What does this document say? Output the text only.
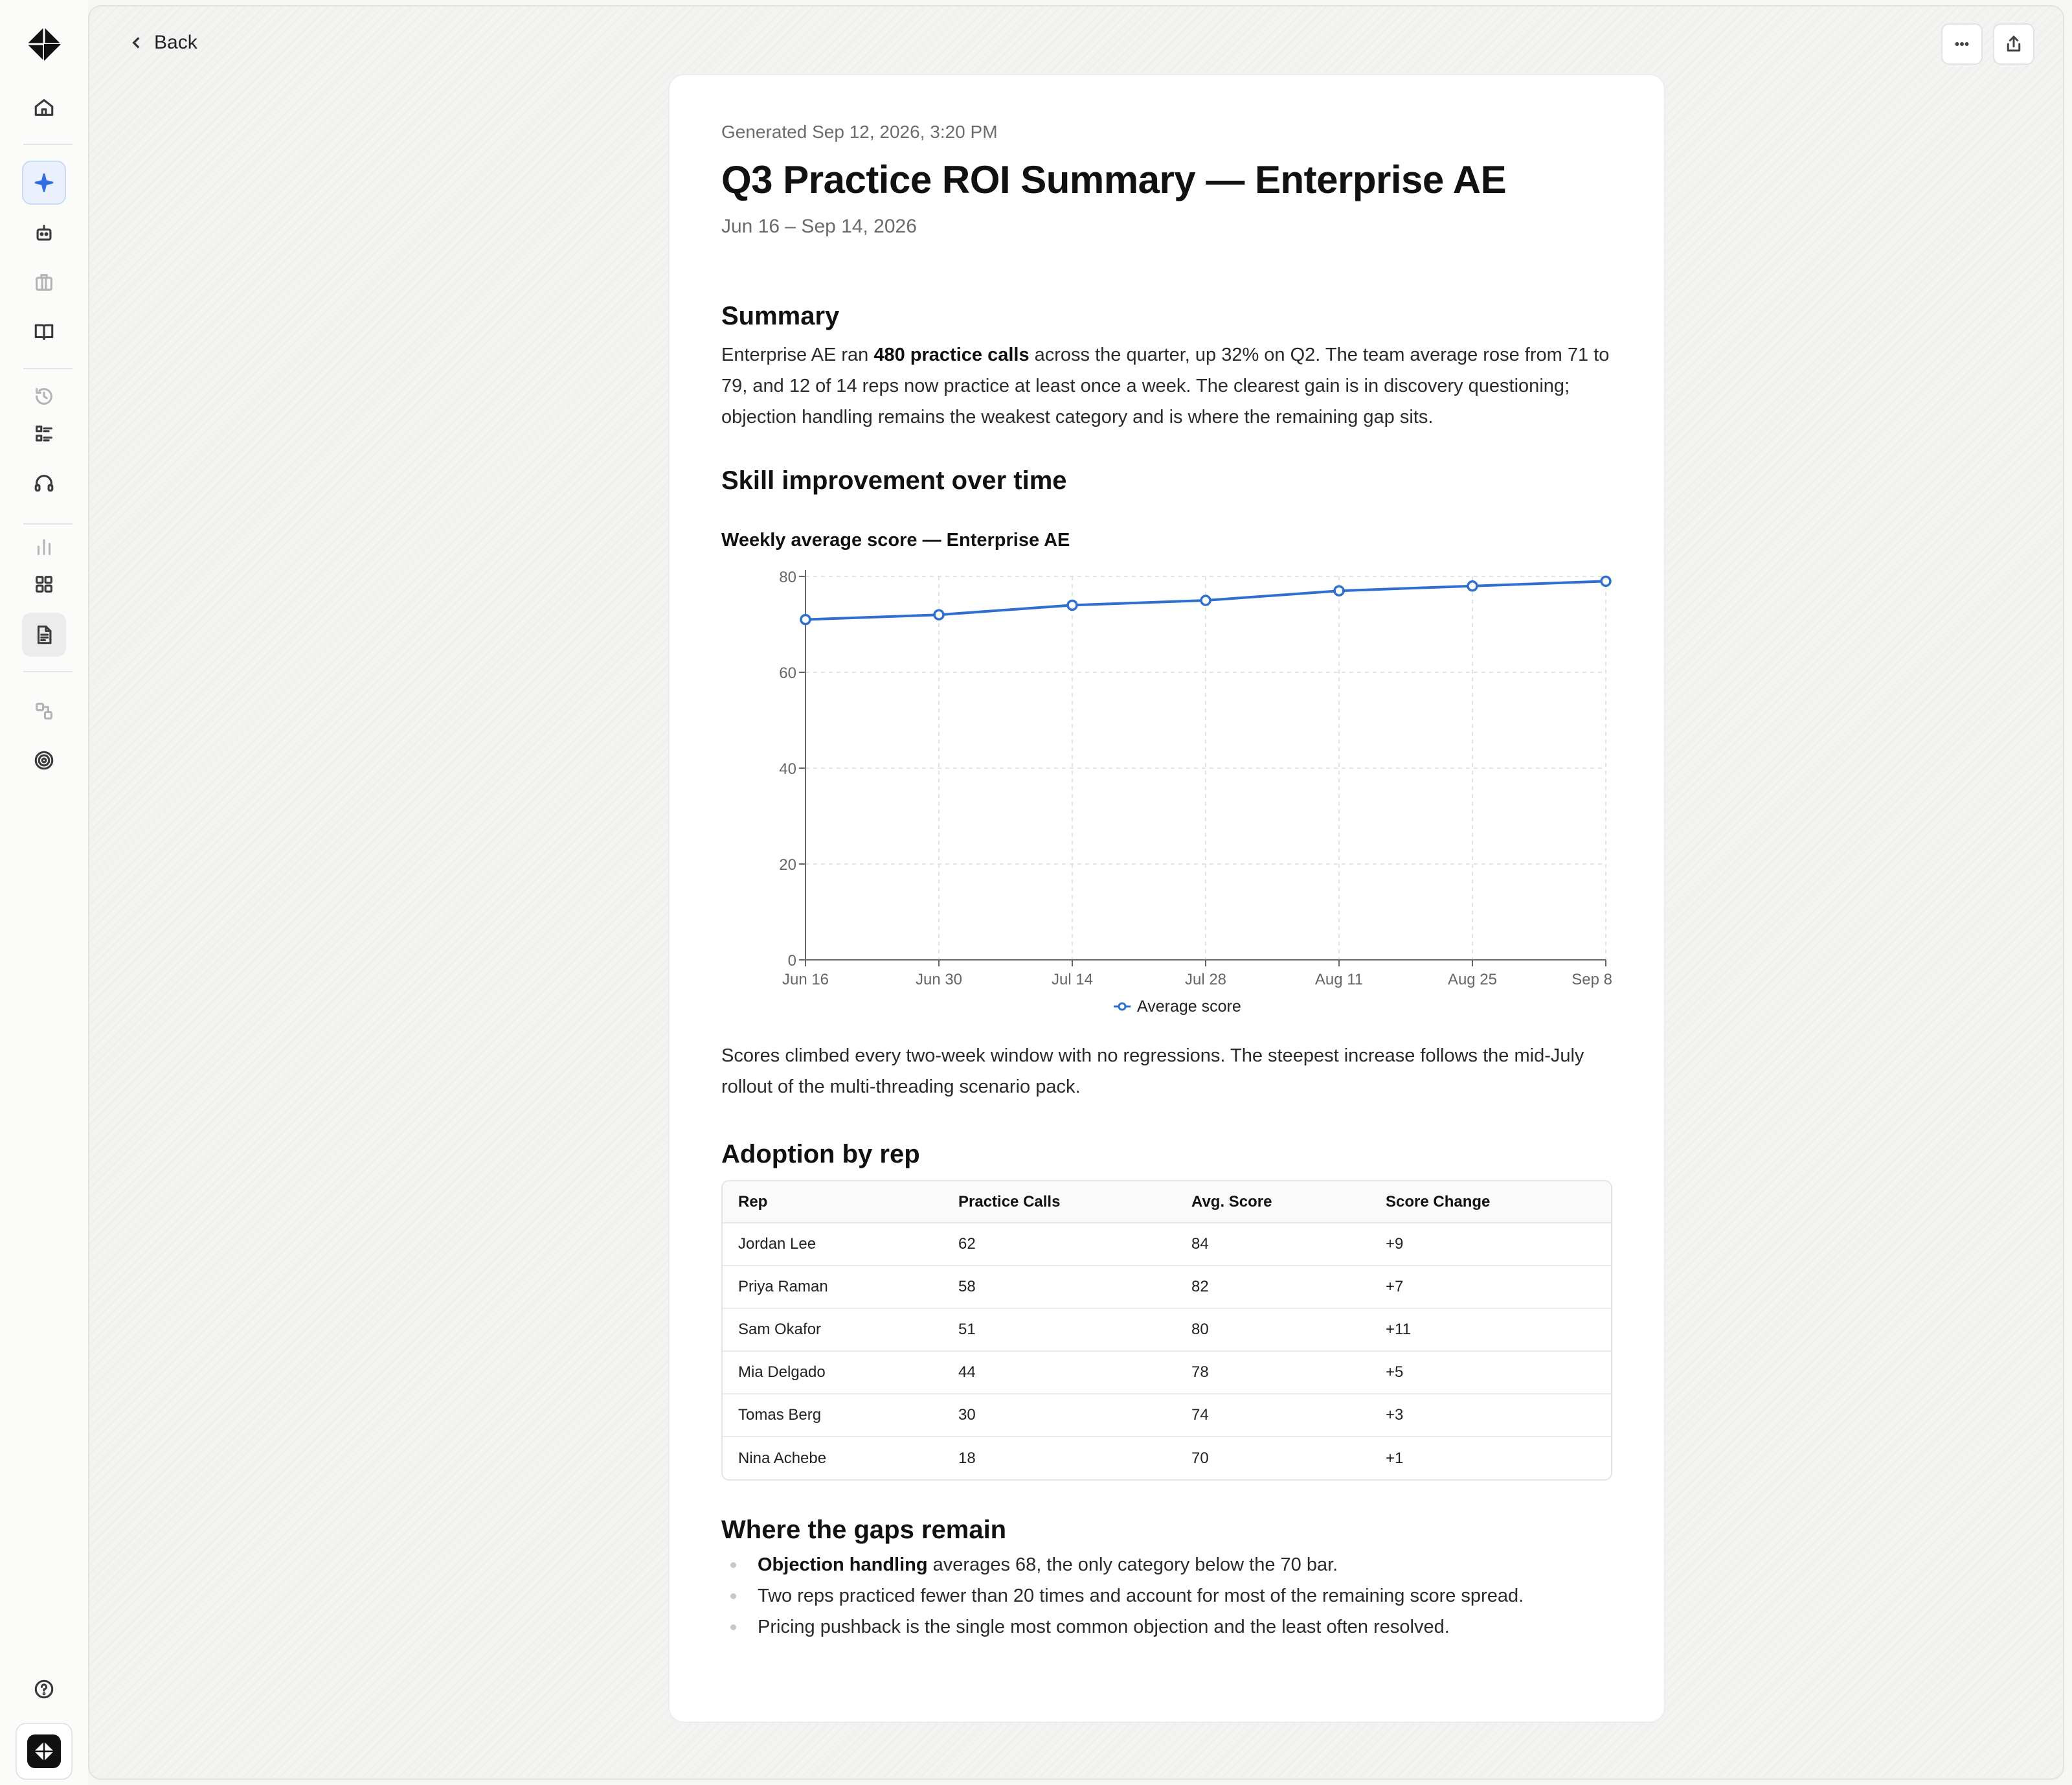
Back
Generated Sep 12, 2026, 3:20 PM
Q3 Practice ROI Summary — Enterprise AE
Jun 16 – Sep 14, 2026
Summary

Enterprise AE ran 480 practice calls across the quarter, up 32% on Q2. The team average rose from 71 to 79, and 12 of 14 reps now practice at least once a week. The clearest gain is in discovery questioning; objection handling remains the weakest category and is where the remaining gap sits.

Skill improvement over time
Weekly average score — Enterprise AE
0
20
40
60
80
Jun 16	Jun 30	Jul 14	Jul 28	Aug 11	Aug 25	Sep 8
Average score

Scores climbed every two-week window with no regressions. The steepest increase follows the mid-July rollout of the multi-threading scenario pack.

Adoption by rep
Rep	Practice Calls	Avg. Score	Score Change
Jordan Lee	62	84	+9
Priya Raman	58	82	+7
Sam Okafor	51	80	+11
Mia Delgado	44	78	+5
Tomas Berg	30	74	+3
Nina Achebe	18	70	+1
Where the gaps remain
Objection handling averages 68, the only category below the 70 bar.
Two reps practiced fewer than 20 times and account for most of the remaining score spread.
Pricing pushback is the single most common objection and the least often resolved.
